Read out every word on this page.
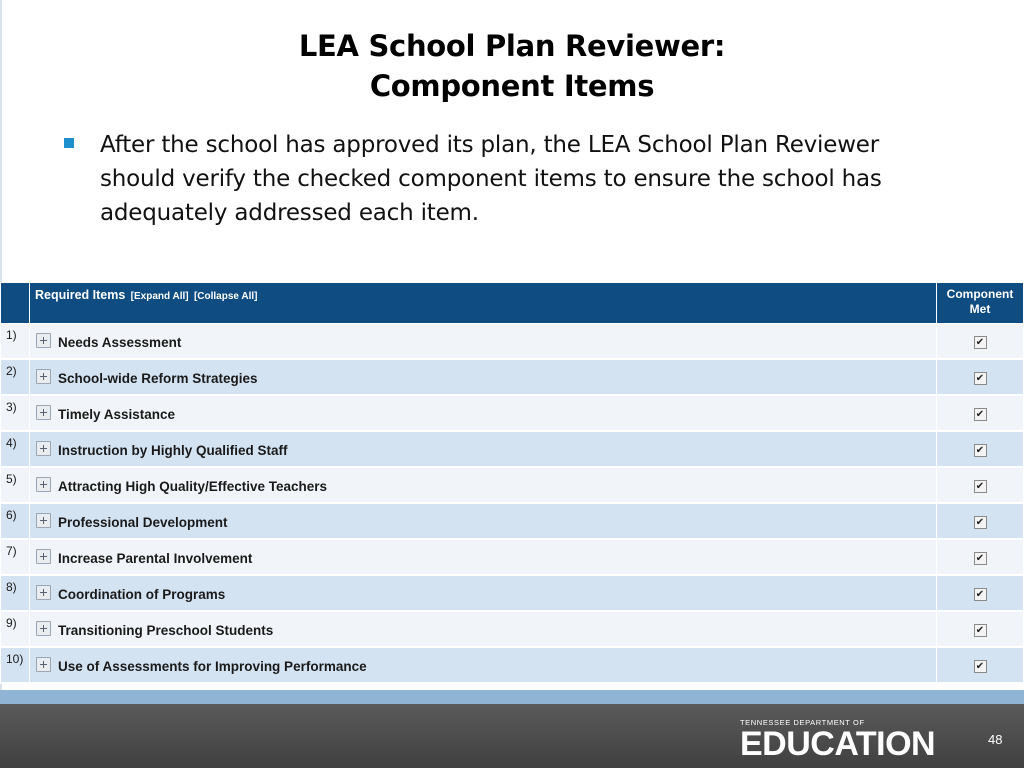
LEA School Plan Reviewer:
Component Items
After the school has approved its plan, the LEA School Plan Reviewer should verify the checked component items to ensure the school has adequately addressed each item.

	Required Items [Expand All] [Collapse All]	Component
Met

1)	Needs Assessment	✔
2)	School-wide Reform Strategies	✔
3)	Timely Assistance	✔
4)	Instruction by Highly Qualified Staff	✔
5)	Attracting High Quality/Effective Teachers	✔
6)	Professional Development	✔
7)	Increase Parental Involvement	✔
8)	Coordination of Programs	✔
9)	Transitioning Preschool Students	✔
10)	Use of Assessments for Improving Performance	✔
TENNESSEE DEPARTMENT OF
EDUCATION	48
